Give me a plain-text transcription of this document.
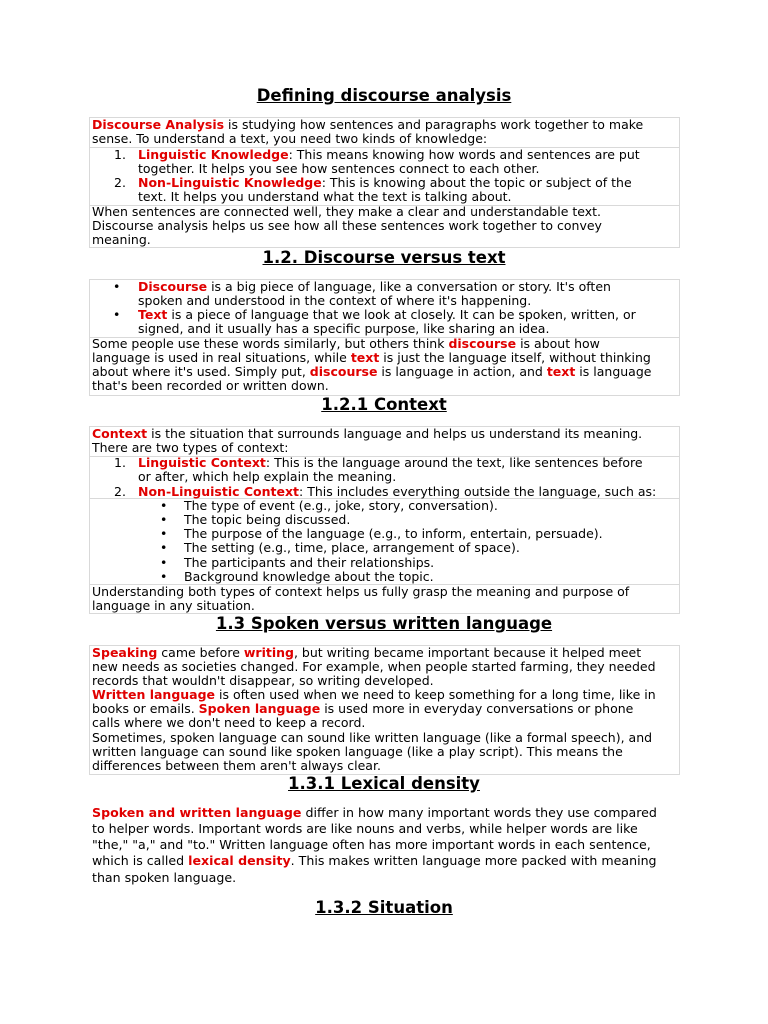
Defining discourse analysis
Discourse Analysis is studying how sentences and paragraphs work together to make
sense. To understand a text, you need two kinds of knowledge:
1. Linguistic Knowledge: This means knowing how words and sentences are put
together. It helps you see how sentences connect to each other.
2. Non-Linguistic Knowledge: This is knowing about the topic or subject of the
text. It helps you understand what the text is talking about.
When sentences are connected well, they make a clear and understandable text.
Discourse analysis helps us see how all these sentences work together to convey
meaning.
1.2. Discourse versus text
• Discourse is a big piece of language, like a conversation or story. It's often
spoken and understood in the context of where it's happening.
• Text is a piece of language that we look at closely. It can be spoken, written, or
signed, and it usually has a specific purpose, like sharing an idea.
Some people use these words similarly, but others think discourse is about how
language is used in real situations, while text is just the language itself, without thinking
about where it's used. Simply put, discourse is language in action, and text is language
that's been recorded or written down.
1.2.1 Context
Context is the situation that surrounds language and helps us understand its meaning.
There are two types of context:
1. Linguistic Context: This is the language around the text, like sentences before
or after, which help explain the meaning.
2. Non-Linguistic Context: This includes everything outside the language, such as:
• The type of event (e.g., joke, story, conversation).
• The topic being discussed.
• The purpose of the language (e.g., to inform, entertain, persuade).
• The setting (e.g., time, place, arrangement of space).
• The participants and their relationships.
• Background knowledge about the topic.
Understanding both types of context helps us fully grasp the meaning and purpose of
language in any situation.
1.3 Spoken versus written language
Speaking came before writing, but writing became important because it helped meet
new needs as societies changed. For example, when people started farming, they needed
records that wouldn't disappear, so writing developed.
Written language is often used when we need to keep something for a long time, like in
books or emails. Spoken language is used more in everyday conversations or phone
calls where we don't need to keep a record.
Sometimes, spoken language can sound like written language (like a formal speech), and
written language can sound like spoken language (like a play script). This means the
differences between them aren't always clear.
1.3.1 Lexical density
Spoken and written language differ in how many important words they use compared
to helper words. Important words are like nouns and verbs, while helper words are like
"the," "a," and "to." Written language often has more important words in each sentence,
which is called lexical density. This makes written language more packed with meaning
than spoken language.
1.3.2 Situation
